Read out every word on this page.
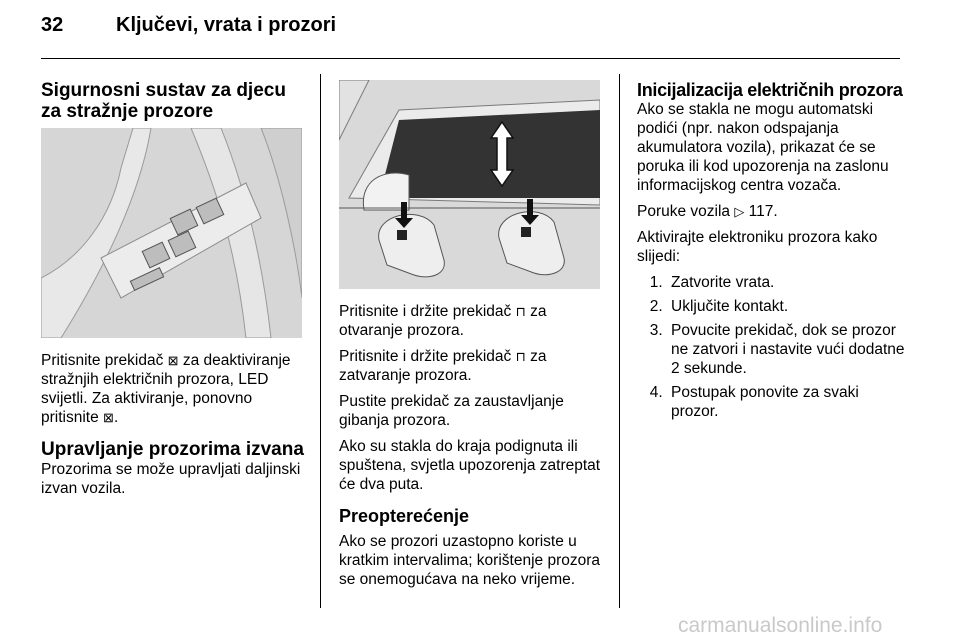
32	Ključevi, vrata i prozori
Sigurnosni sustav za djecu za stražnje prozore

Pritisnite prekidač ⊠ za deaktiviranje stražnjih električnih prozora, LED svijetli. Za aktiviranje, ponovno pritisnite ⊠.

Upravljanje prozorima izvana

Prozorima se može upravljati daljinski izvan vozila.

Pritisnite i držite prekidač ⊓ za otvaranje prozora.

Pritisnite i držite prekidač ⊓ za zatvaranje prozora.

Pustite prekidač za zaustavljanje gibanja prozora.

Ako su stakla do kraja podignuta ili spuštena, svjetla upozorenja zatreptat će dva puta.

Preopterećenje

Ako se prozori uzastopno koriste u kratkim intervalima; korištenje prozora se onemogućava na neko vrijeme.

Inicijalizacija električnih prozora

Ako se stakla ne mogu automatski podići (npr. nakon odspajanja akumulatora vozila), prikazat će se poruka ili kod upozorenja na zaslonu informacijskog centra vozača.

Poruke vozila ▷ 117.

Aktivirajte elektroniku prozora kako slijedi:

1. Zatvorite vrata.
2. Uključite kontakt.
3. Povucite prekidač, dok se prozor ne zatvori i nastavite vući dodatne 2 sekunde.
4. Postupak ponovite za svaki prozor.
carmanualsonline.info
